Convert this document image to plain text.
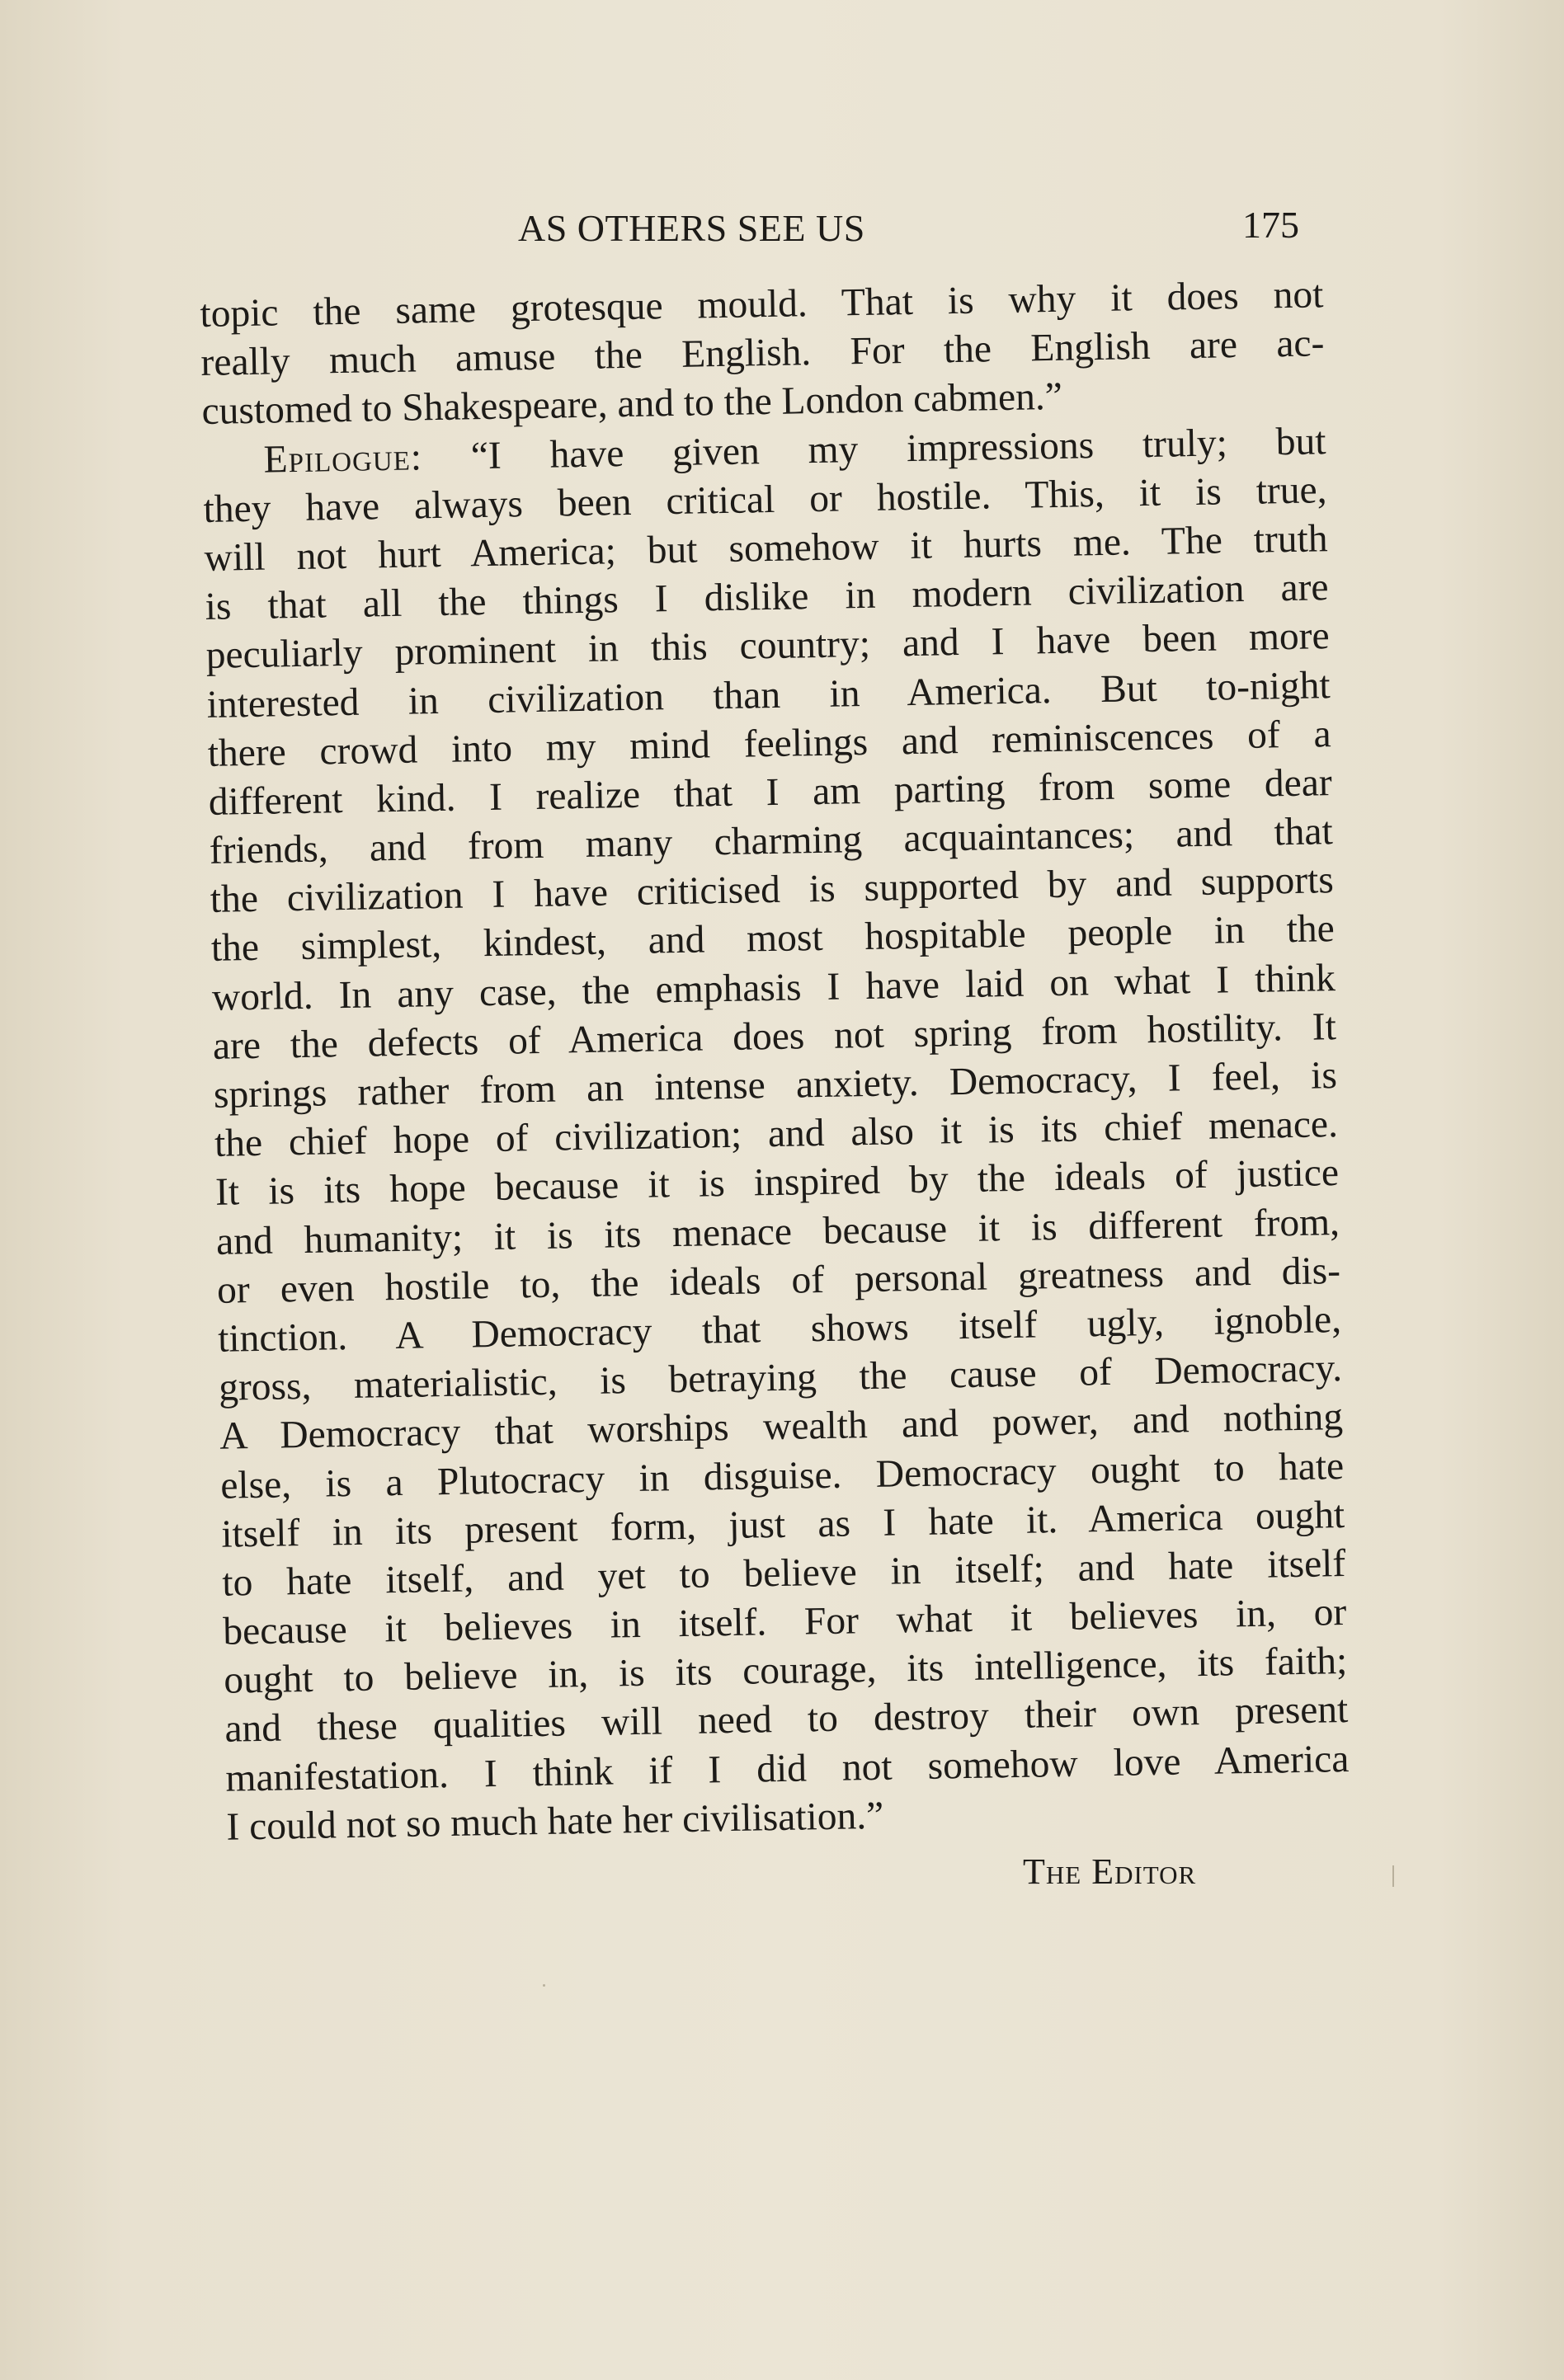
AS OTHERS SEE US	175
topic the same grotesque mould. That is why it does not
really much amuse the English. For the English are ac-
customed to Shakespeare, and to the London cabmen.”
Epilogue: “I have given my impressions truly; but
they have always been critical or hostile. This, it is true,
will not hurt America; but somehow it hurts me. The truth
is that all the things I dislike in modern civilization are
peculiarly prominent in this country; and I have been more
interested in civilization than in America. But to-night
there crowd into my mind feelings and reminiscences of a
different kind. I realize that I am parting from some dear
friends, and from many charming acquaintances; and that
the civilization I have criticised is supported by and supports
the simplest, kindest, and most hospitable people in the
world. In any case, the emphasis I have laid on what I think
are the defects of America does not spring from hostility. It
springs rather from an intense anxiety. Democracy, I feel, is
the chief hope of civilization; and also it is its chief menace.
It is its hope because it is inspired by the ideals of justice
and humanity; it is its menace because it is different from,
or even hostile to, the ideals of personal greatness and dis-
tinction. A Democracy that shows itself ugly, ignoble,
gross, materialistic, is betraying the cause of Democracy.
A Democracy that worships wealth and power, and nothing
else, is a Plutocracy in disguise. Democracy ought to hate
itself in its present form, just as I hate it. America ought
to hate itself, and yet to believe in itself; and hate itself
because it believes in itself. For what it believes in, or
ought to believe in, is its courage, its intelligence, its faith;
and these qualities will need to destroy their own present
manifestation. I think if I did not somehow love America
I could not so much hate her civilisation.”
The Editor
